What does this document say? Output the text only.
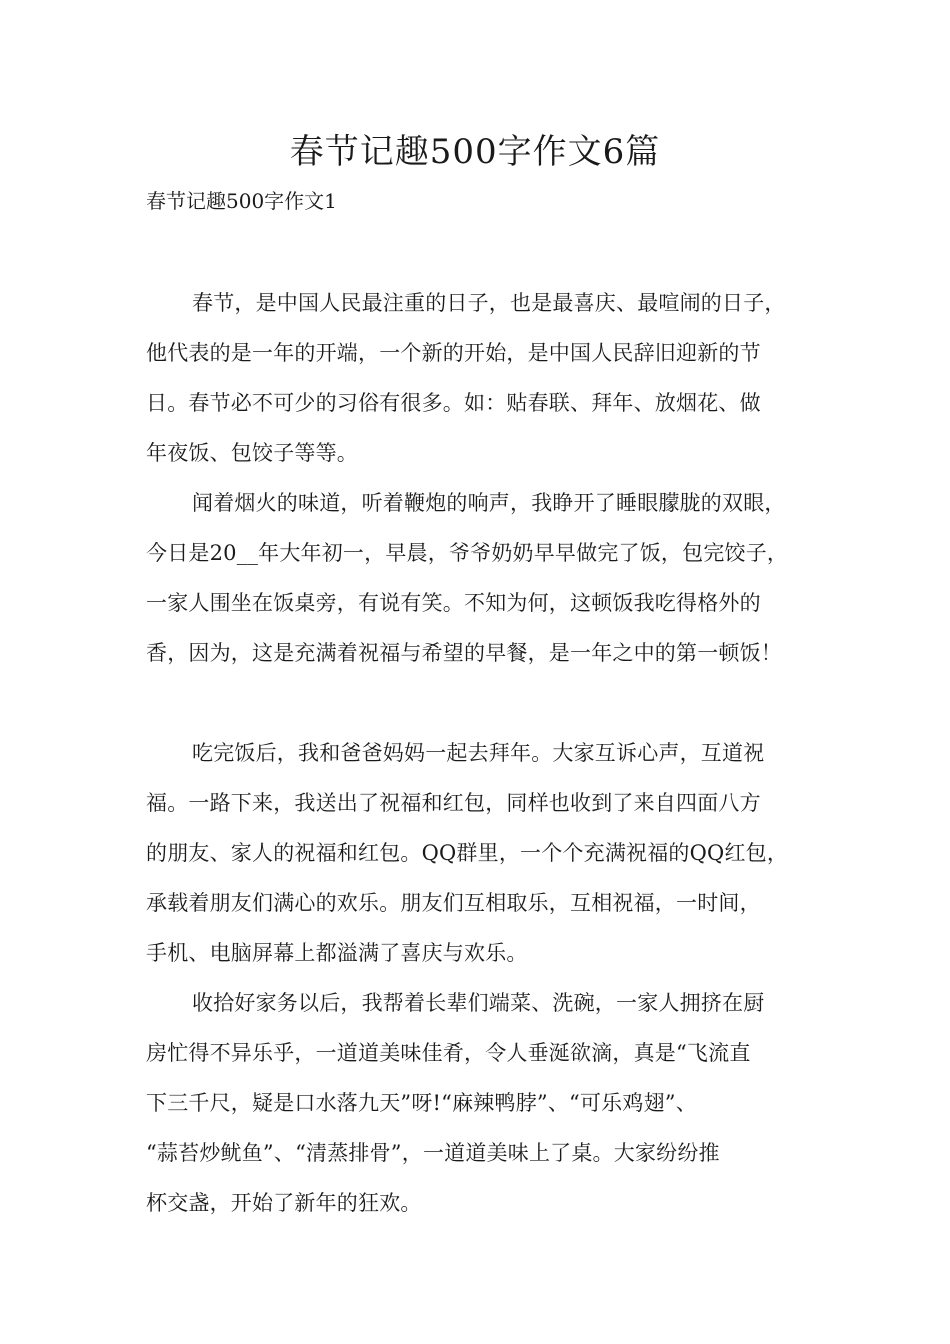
春节记趣500字作文6篇
春节记趣500字作文1

春节，是中国人民最注重的日子，也是最喜庆、最喧闹的日子，
他代表的是一年的开端，一个新的开始，是中国人民辞旧迎新的节
日。春节必不可少的习俗有很多。如：贴春联、拜年、放烟花、做
年夜饭、包饺子等等。

闻着烟火的味道，听着鞭炮的响声，我睁开了睡眼朦胧的双眼，
今日是20__年大年初一，早晨，爷爷奶奶早早做完了饭，包完饺子，
一家人围坐在饭桌旁，有说有笑。不知为何，这顿饭我吃得格外的
香，因为，这是充满着祝福与希望的早餐，是一年之中的第一顿饭！

吃完饭后，我和爸爸妈妈一起去拜年。大家互诉心声，互道祝
福。一路下来，我送出了祝福和红包，同样也收到了来自四面八方
的朋友、家人的祝福和红包。QQ群里，一个个充满祝福的QQ红包，
承载着朋友们满心的欢乐。朋友们互相取乐，互相祝福，一时间，
手机、电脑屏幕上都溢满了喜庆与欢乐。

收拾好家务以后，我帮着长辈们端菜、洗碗，一家人拥挤在厨
房忙得不异乐乎，一道道美味佳肴，令人垂涎欲滴，真是“飞流直
下三千尺，疑是口水落九天”呀!“麻辣鸭脖”、“可乐鸡翅”、
“蒜苔炒鱿鱼”、“清蒸排骨”，一道道美味上了桌。大家纷纷推
杯交盏，开始了新年的狂欢。
